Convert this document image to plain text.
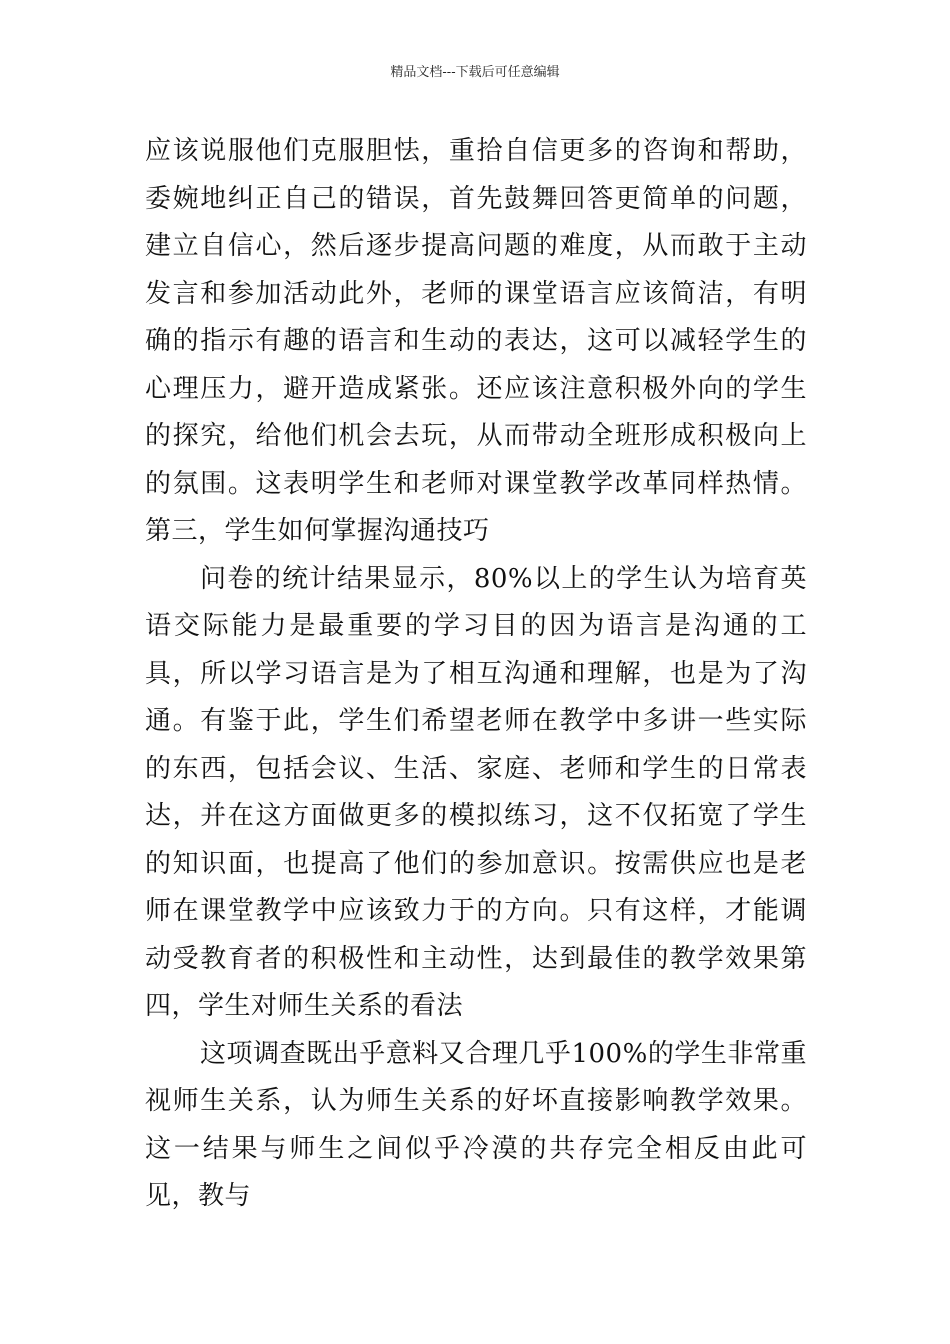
精品文档---下载后可任意编辑

应该说服他们克服胆怯，重拾自信更多的咨询和帮助，委婉地纠正自己的错误，首先鼓舞回答更简单的问题，建立自信心，然后逐步提高问题的难度，从而敢于主动发言和参加活动此外，老师的课堂语言应该简洁，有明确的指示有趣的语言和生动的表达，这可以减轻学生的心理压力，避开造成紧张。还应该注意积极外向的学生的探究，给他们机会去玩，从而带动全班形成积极向上的氛围。这表明学生和老师对课堂教学改革同样热情。第三，学生如何掌握沟通技巧

问卷的统计结果显示，80%以上的学生认为培育英语交际能力是最重要的学习目的因为语言是沟通的工具，所以学习语言是为了相互沟通和理解，也是为了沟通。有鉴于此，学生们希望老师在教学中多讲一些实际的东西，包括会议、生活、家庭、老师和学生的日常表达，并在这方面做更多的模拟练习，这不仅拓宽了学生的知识面，也提高了他们的参加意识。按需供应也是老师在课堂教学中应该致力于的方向。只有这样，才能调动受教育者的积极性和主动性，达到最佳的教学效果第四，学生对师生关系的看法

这项调查既出乎意料又合理几乎100%的学生非常重视师生关系，认为师生关系的好坏直接影响教学效果。这一结果与师生之间似乎冷漠的共存完全相反由此可见，教与
